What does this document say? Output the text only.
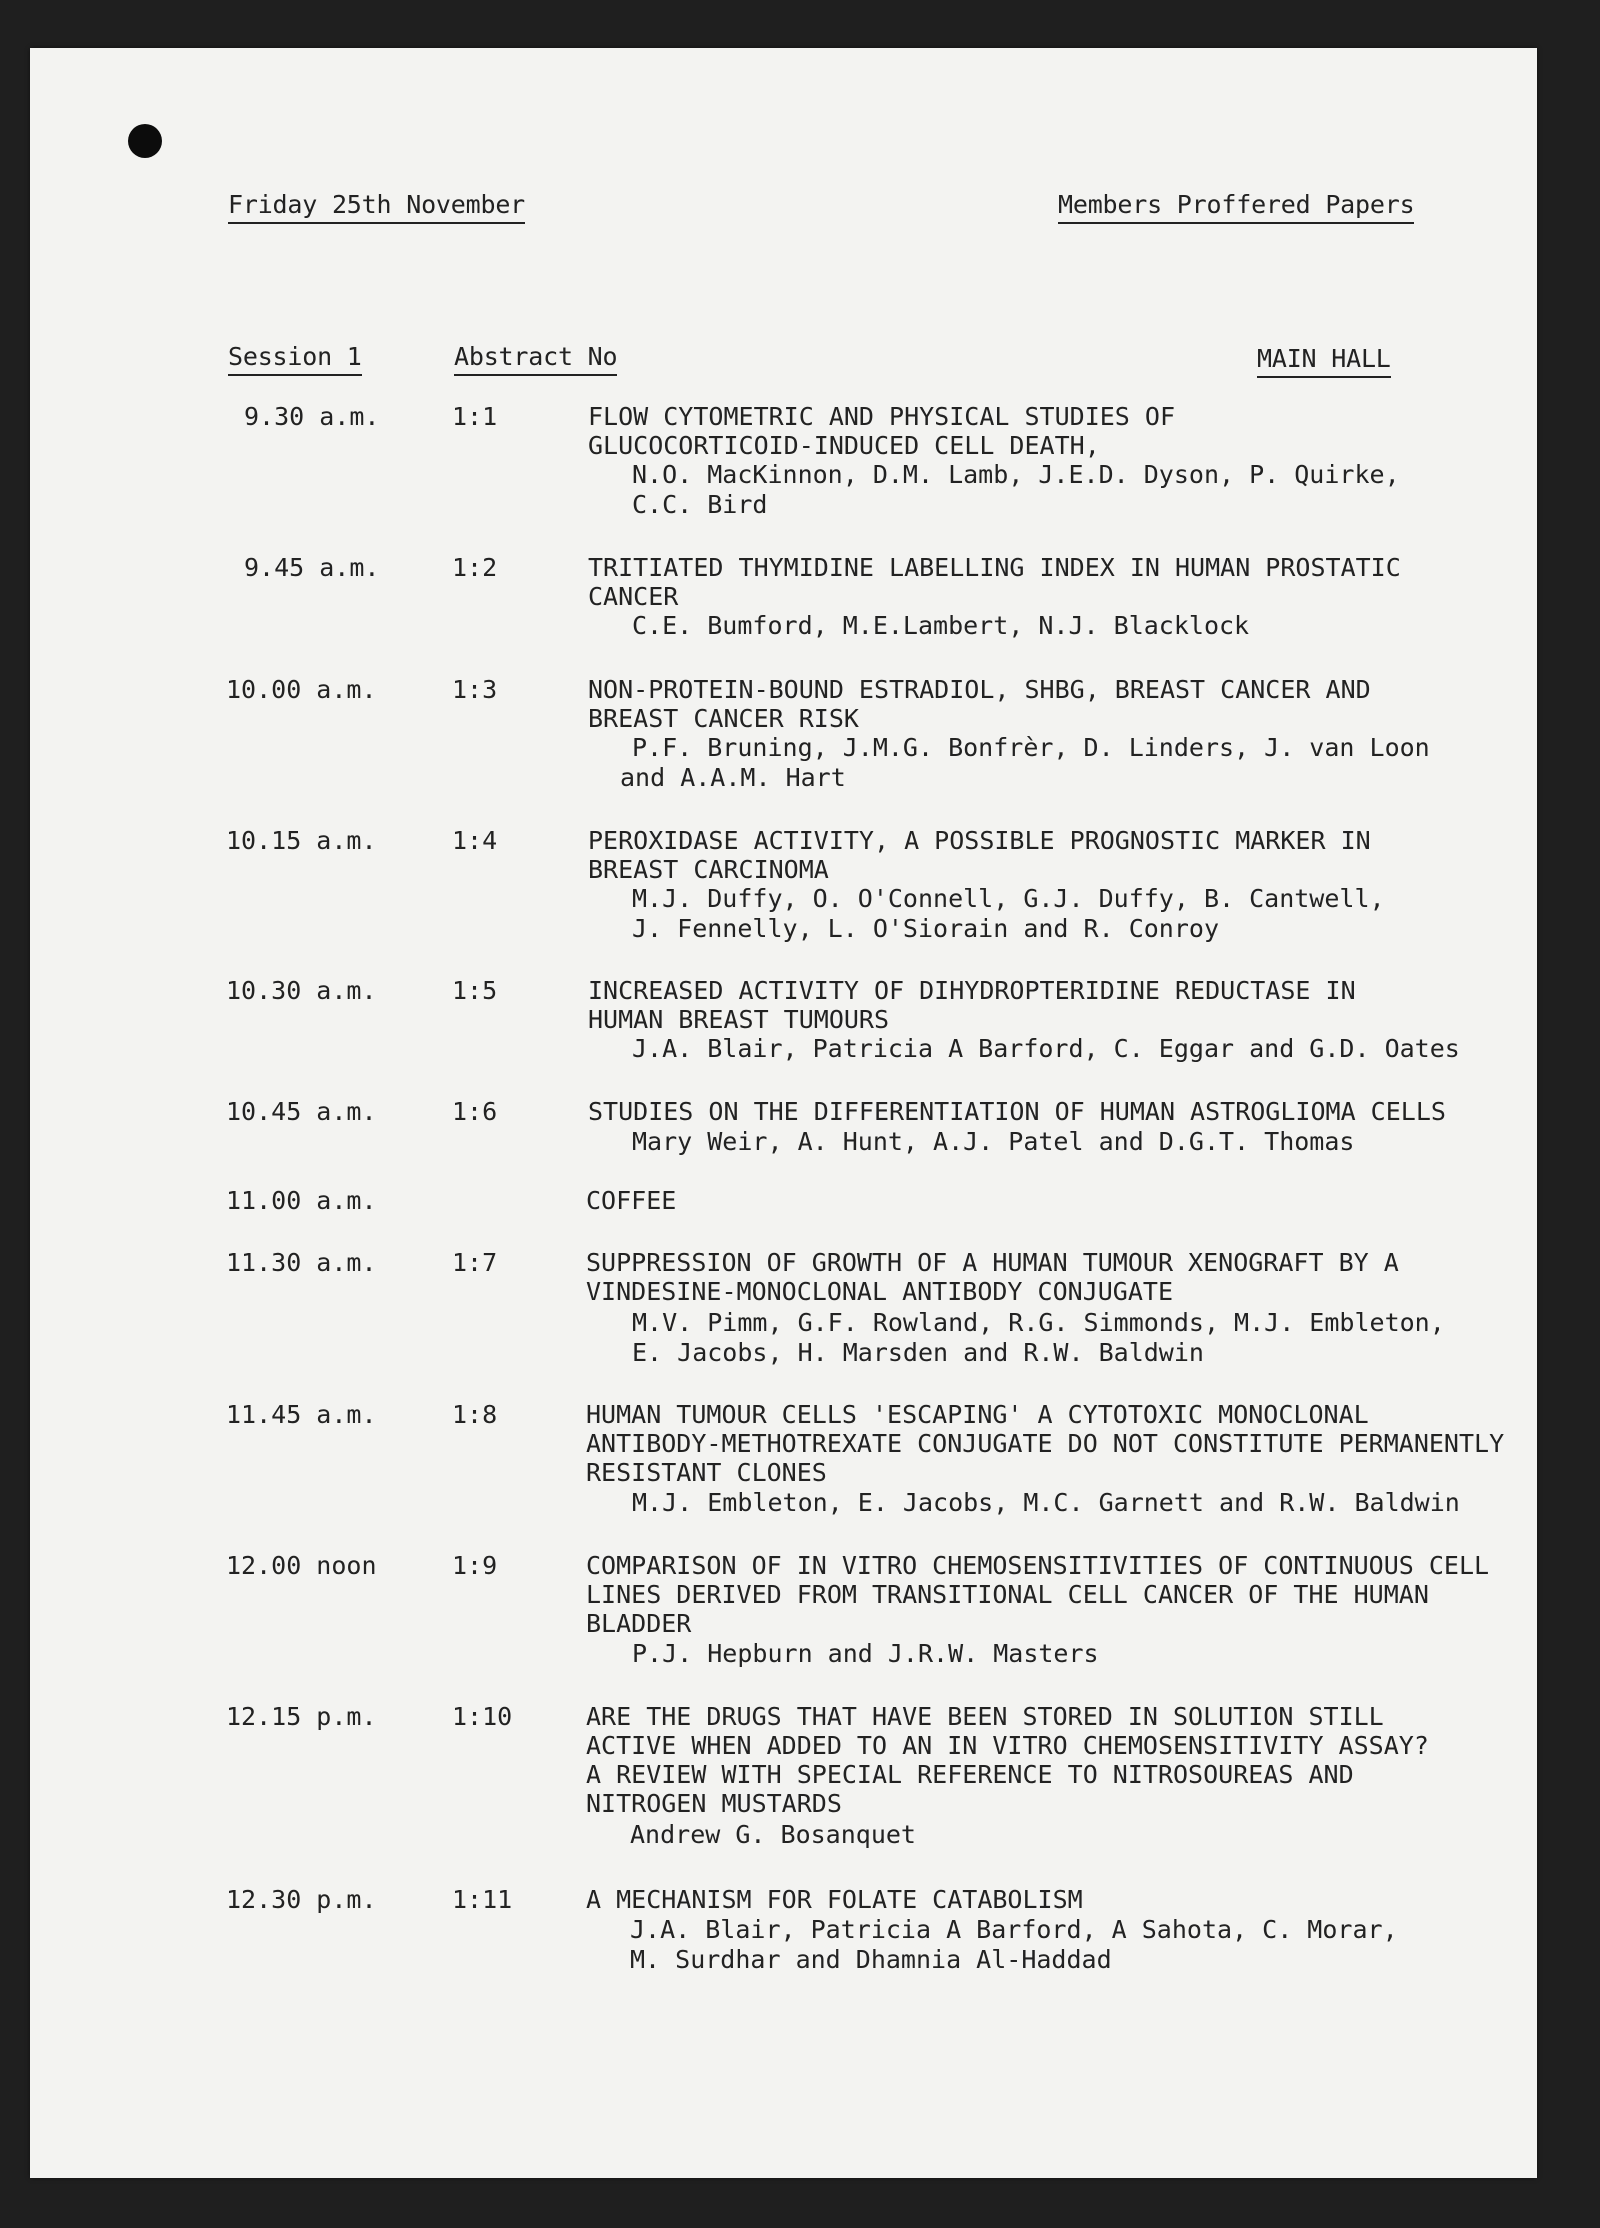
Friday 25th November	Members Proffered Papers
Session 1	Abstract No	MAIN HALL
9.30 a.m.	1:1	FLOW CYTOMETRIC AND PHYSICAL STUDIES OF
GLUCOCORTICOID-INDUCED CELL DEATH,
N.O. MacKinnon, D.M. Lamb, J.E.D. Dyson, P. Quirke,
C.C. Bird
9.45 a.m.	1:2	TRITIATED THYMIDINE LABELLING INDEX IN HUMAN PROSTATIC
CANCER
C.E. Bumford, M.E.Lambert, N.J. Blacklock
10.00 a.m.	1:3	NON-PROTEIN-BOUND ESTRADIOL, SHBG, BREAST CANCER AND
BREAST CANCER RISK
P.F. Bruning, J.M.G. Bonfrèr, D. Linders, J. van Loon
and A.A.M. Hart
10.15 a.m.	1:4	PEROXIDASE ACTIVITY, A POSSIBLE PROGNOSTIC MARKER IN
BREAST CARCINOMA
M.J. Duffy, O. O'Connell, G.J. Duffy, B. Cantwell,
J. Fennelly, L. O'Siorain and R. Conroy
10.30 a.m.	1:5	INCREASED ACTIVITY OF DIHYDROPTERIDINE REDUCTASE IN
HUMAN BREAST TUMOURS
J.A. Blair, Patricia A Barford, C. Eggar and G.D. Oates
10.45 a.m.	1:6	STUDIES ON THE DIFFERENTIATION OF HUMAN ASTROGLIOMA CELLS
Mary Weir, A. Hunt, A.J. Patel and D.G.T. Thomas
11.00 a.m.	COFFEE
11.30 a.m.	1:7	SUPPRESSION OF GROWTH OF A HUMAN TUMOUR XENOGRAFT BY A
VINDESINE-MONOCLONAL ANTIBODY CONJUGATE
M.V. Pimm, G.F. Rowland, R.G. Simmonds, M.J. Embleton,
E. Jacobs, H. Marsden and R.W. Baldwin
11.45 a.m.	1:8	HUMAN TUMOUR CELLS 'ESCAPING' A CYTOTOXIC MONOCLONAL
ANTIBODY-METHOTREXATE CONJUGATE DO NOT CONSTITUTE PERMANENTLY
RESISTANT CLONES
M.J. Embleton, E. Jacobs, M.C. Garnett and R.W. Baldwin
12.00 noon	1:9	COMPARISON OF IN VITRO CHEMOSENSITIVITIES OF CONTINUOUS CELL
LINES DERIVED FROM TRANSITIONAL CELL CANCER OF THE HUMAN
BLADDER
P.J. Hepburn and J.R.W. Masters
12.15 p.m.	1:10	ARE THE DRUGS THAT HAVE BEEN STORED IN SOLUTION STILL
ACTIVE WHEN ADDED TO AN IN VITRO CHEMOSENSITIVITY ASSAY?
A REVIEW WITH SPECIAL REFERENCE TO NITROSOUREAS AND
NITROGEN MUSTARDS
Andrew G. Bosanquet
12.30 p.m.	1:11	A MECHANISM FOR FOLATE CATABOLISM
J.A. Blair, Patricia A Barford, A Sahota, C. Morar,
M. Surdhar and Dhamnia Al-Haddad
